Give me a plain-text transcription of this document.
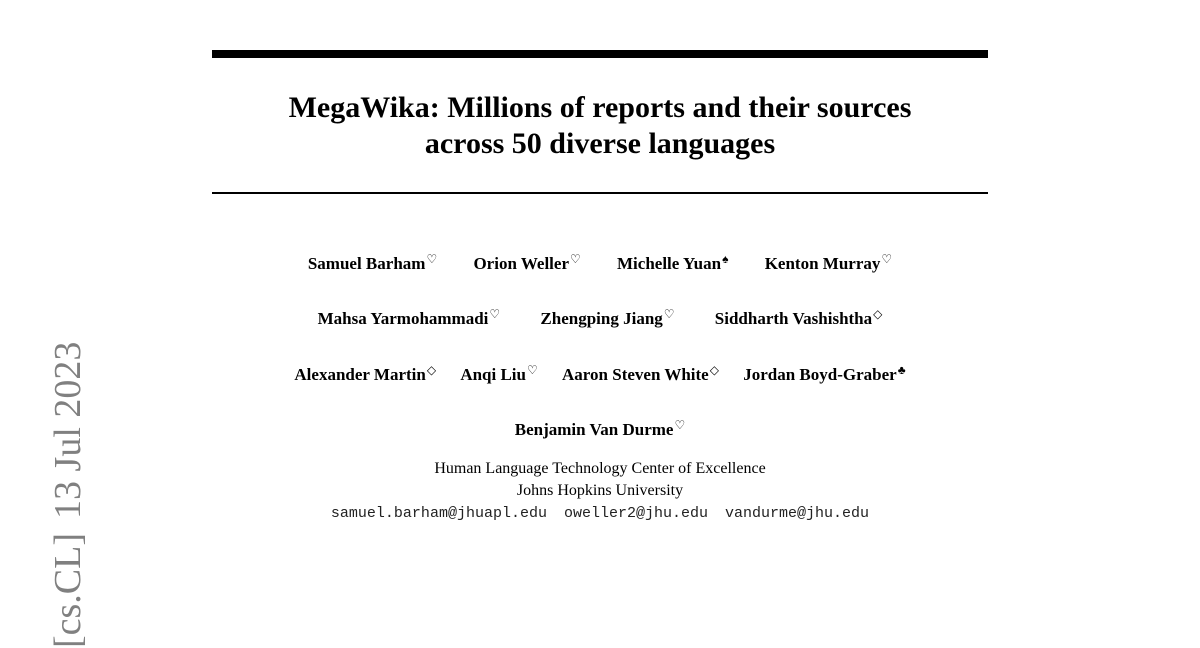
MegaWika: Millions of reports and their sources
across 50 diverse languages
Samuel Barham♡ Orion Weller♡ Michelle Yuan♠ Kenton Murray♡
Mahsa Yarmohammadi♡ Zhengping Jiang♡ Siddharth Vashishtha◇
Alexander Martin◇ Anqi Liu♡ Aaron Steven White◇ Jordan Boyd-Graber♣
Benjamin Van Durme♡
Human Language Technology Center of Excellence
Johns Hopkins University
samuel.barham@jhuapl.edu oweller2@jhu.edu vandurme@jhu.edu
[cs.CL]13 Jul 2023
